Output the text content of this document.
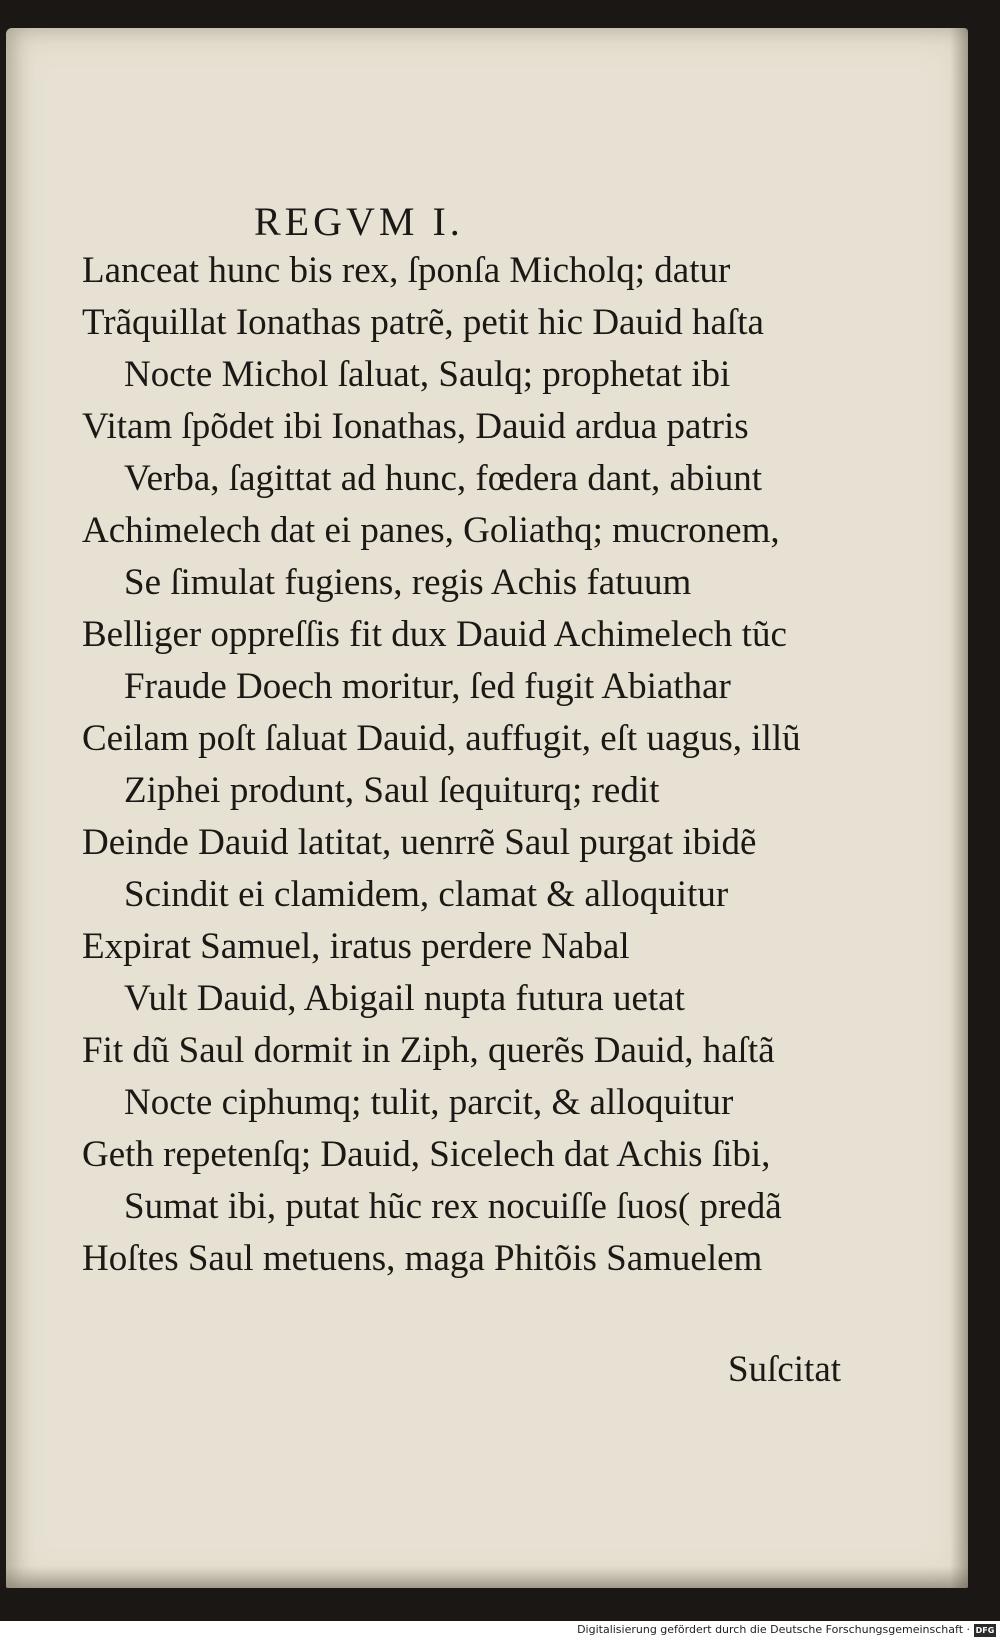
REGVM I.
Lanceat hunc bis rex, ſponſa Micholq; datur
Trãquillat Ionathas patrẽ, petit hic Dauid haſta
Nocte Michol ſaluat, Saulq; prophetat ibi
Vitam ſpõdet ibi Ionathas, Dauid ardua patris
Verba, ſagittat ad hunc, fœdera dant, abiunt
Achimelech dat ei panes, Goliathq; mucronem,
Se ſimulat fugiens, regis Achis fatuum
Belliger oppreſſis fit dux Dauid Achimelech tũc
Fraude Doech moritur, ſed fugit Abiathar
Ceilam poſt ſaluat Dauid, auffugit, eſt uagus, illũ
Ziphei produnt, Saul ſequiturq; redit
Deinde Dauid latitat, uenrrẽ Saul purgat ibidẽ
Scindit ei clamidem, clamat & alloquitur
Expirat Samuel, iratus perdere Nabal
Vult Dauid, Abigail nupta futura uetat
Fit dũ Saul dormit in Ziph, querẽs Dauid, haſtã
Nocte ciphumq; tulit, parcit, & alloquitur
Geth repetenſq; Dauid, Sicelech dat Achis ſibi,
Sumat ibi, putat hũc rex nocuiſſe ſuos( predã
Hoſtes Saul metuens, maga Phitõis Samuelem
Suſcitat
Digitalisierung gefördert durch die Deutsche Forschungsgemeinschaft · DFG
